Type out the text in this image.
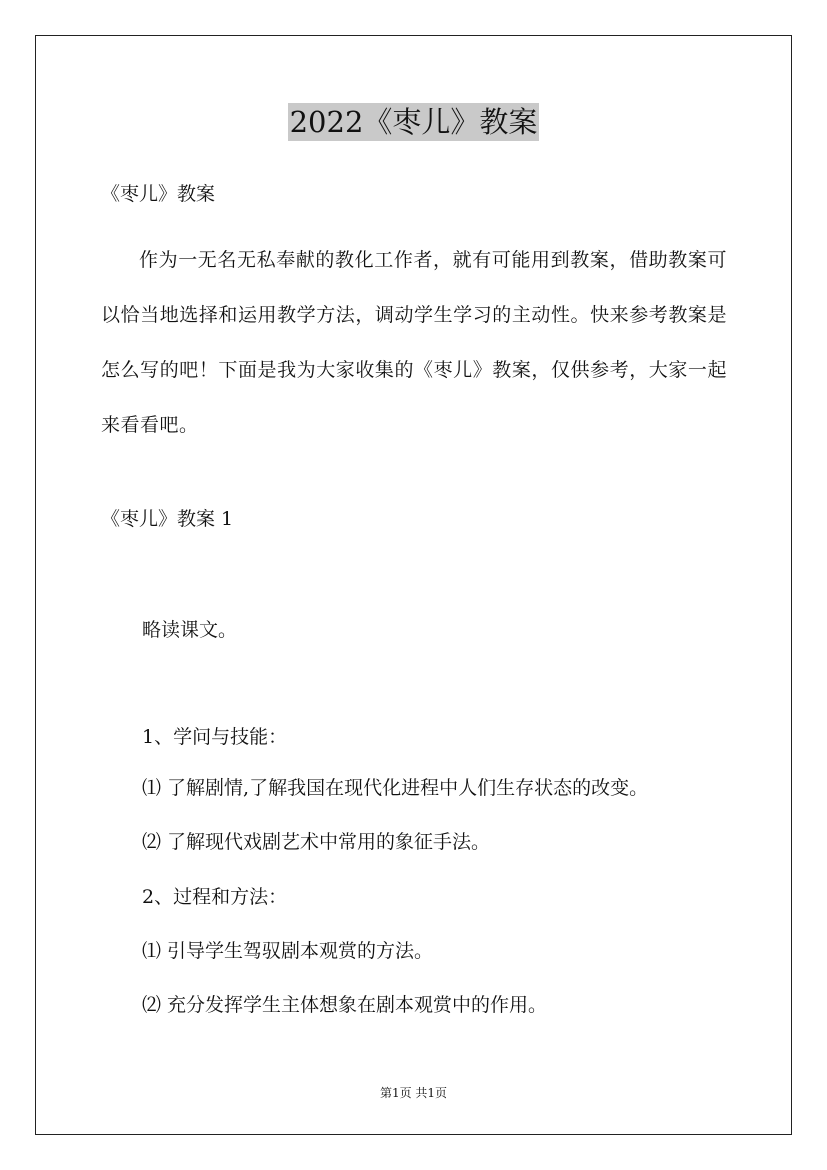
2022《枣儿》教案
《枣儿》教案
作为一无名无私奉献的教化工作者，就有可能用到教案，借助教案可以恰当地选择和运用教学方法，调动学生学习的主动性。快来参考教案是怎么写的吧！下面是我为大家收集的《枣儿》教案，仅供参考，大家一起来看看吧。
《枣儿》教案 1
略读课文。
1、学问与技能：
⑴ 了解剧情,了解我国在现代化进程中人们生存状态的改变。
⑵ 了解现代戏剧艺术中常用的象征手法。
2、过程和方法：
⑴ 引导学生驾驭剧本观赏的方法。
⑵ 充分发挥学生主体想象在剧本观赏中的作用。
第1页 共1页
